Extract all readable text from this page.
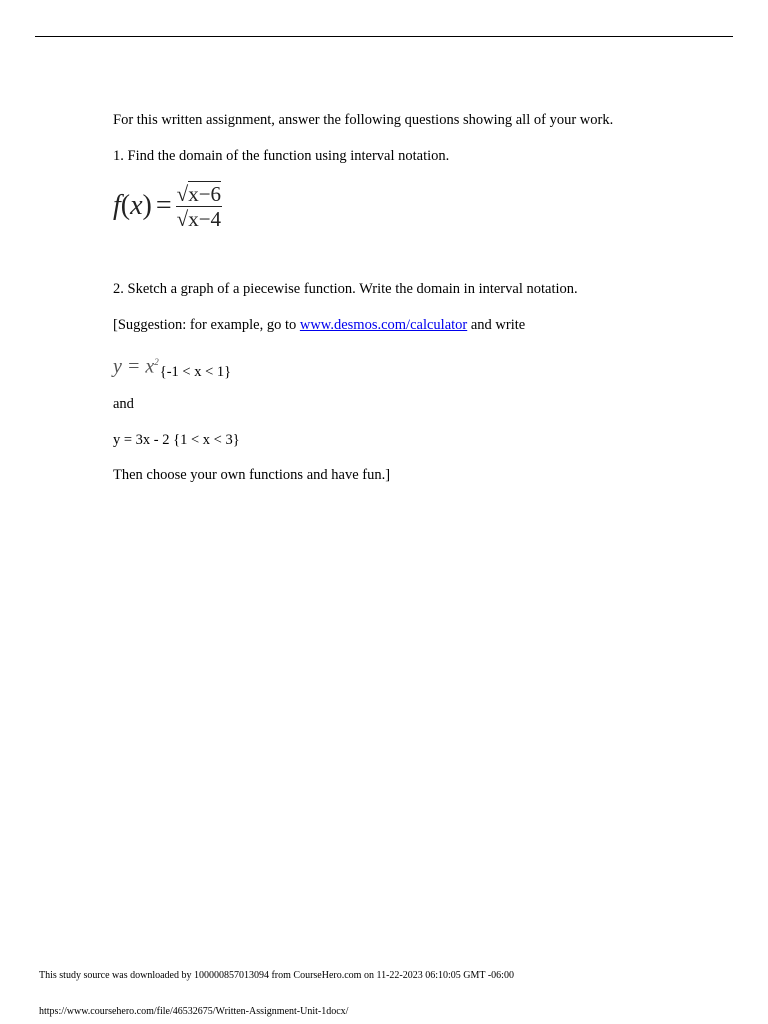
For this written assignment, answer the following questions showing all of your work.
1. Find the domain of the function using interval notation.
$f(x) = \frac{√x-6}{√x-4}$
2. Sketch a graph of a piecewise function. Write the domain in interval notation.
[Suggestion: for example, go to www.desmos.com/calculator and write
$y = x^2$
{-1 < x < 1}
and
y = 3x - 2 {1 < x < 3}
Then choose your own functions and have fun.]
This study source was downloaded by 100000857013094 from CourseHero.com on 11-22-2023 06:10:05 GMT -06:00
https://www.coursehero.com/file/46532675/Written-Assignment-Unit-1docx/
